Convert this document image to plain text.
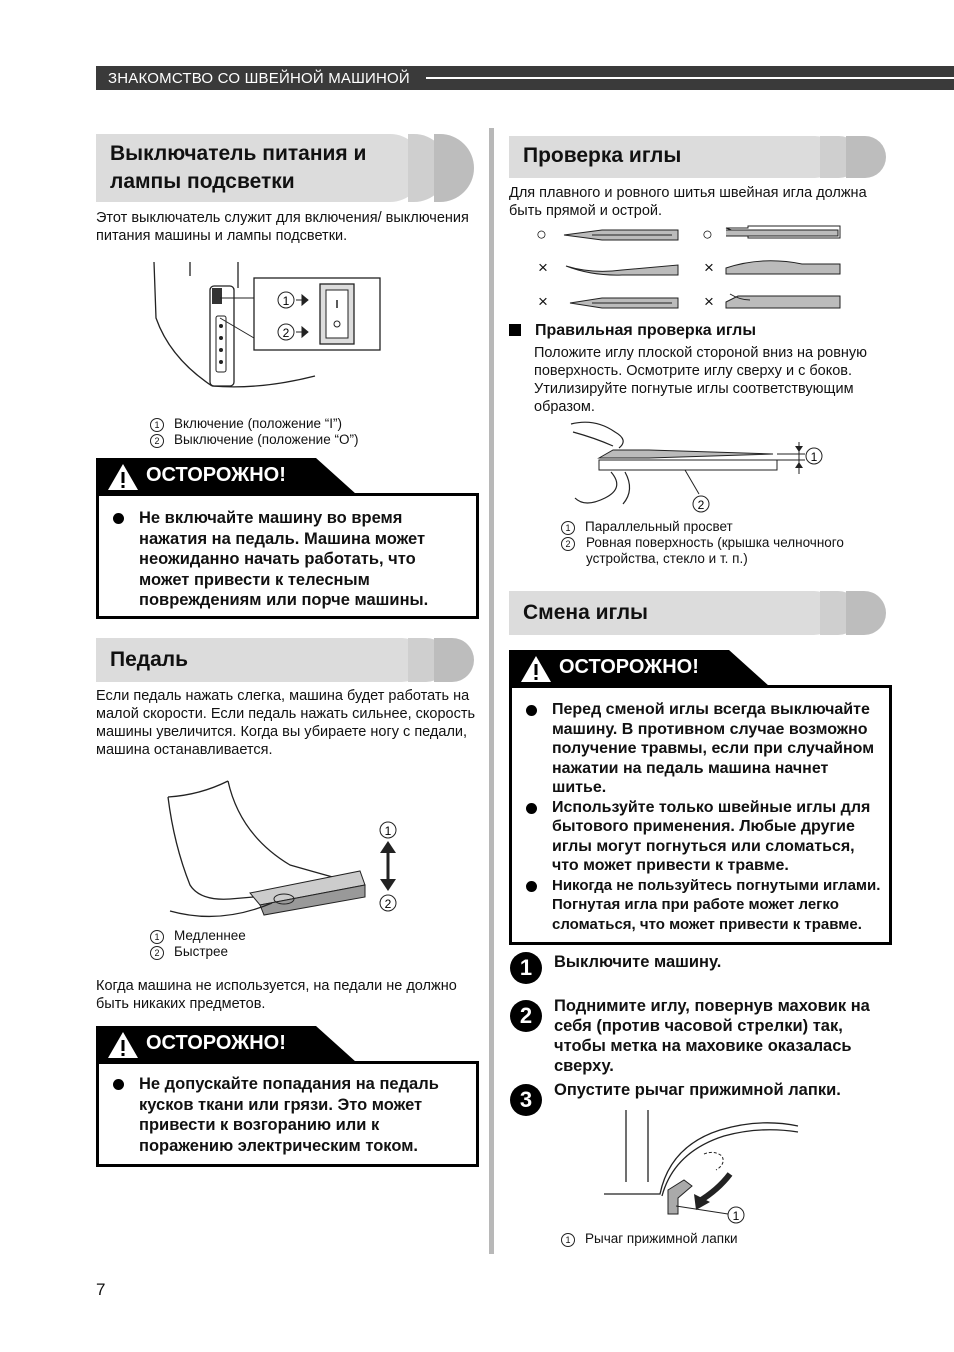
ЗНАКОМСТВО СО ШВЕЙНОЙ МАШИНОЙ
Выключатель питания и
лампы подсветки
Этот выключатель служит для включения/ выключения питания машины и лампы подсветки.
1
2
1 Включение (положение “I”)
2 Выключение (положение “O”)
ОСТОРОЖНО!
Не включайте машину во время нажатия на педаль. Машина может неожиданно начать работать, что может привести к телесным повреждениям или порче машины.
Педаль
Если педаль нажать слегка, машина будет работать на малой скорости. Если педаль нажать сильнее, скорость машины увеличится. Когда вы убираете ногу с педали, машина останавливается.
1
2
1 Медленнее
2 Быстрее
Когда машина не используется, на педали не должно быть никаких предметов.
ОСТОРОЖНО!
Не допускайте попадания на педаль кусков ткани или грязи. Это может привести к возгоранию или к поражению электрическим током.
7
Проверка иглы
Для плавного и ровного шитья швейная игла должна быть прямой и острой.
○	○
×	×
×	×
Правильная проверка иглы
Положите иглу плоской стороной вниз на ровную поверхность. Осмотрите иглу сверху и с боков. Утилизируйте погнутые иглы соответствующим образом.
1
2
1 Параллельный просвет
2	Ровная поверхность (крышка челночного устройства, стекло и т. п.)
Смена иглы
ОСТОРОЖНО!
Перед сменой иглы всегда выключайте машину. В противном случае возможно получение травмы, если при случайном нажатии на педаль машина начнет шитье.
Используйте только швейные иглы для бытового применения. Любые другие иглы могут погнуться или сломаться, что может привести к травме.
Никогда не пользуйтесь погнутыми иглами. Погнутая игла при работе может легко сломаться, что может привести к травме.
1	Выключите машину.
2	Поднимите иглу, повернув маховик на себя (против часовой стрелки) так, чтобы метка на маховике оказалась сверху.
3	Опустите рычаг прижимной лапки.
1
1 Рычаг прижимной лапки
